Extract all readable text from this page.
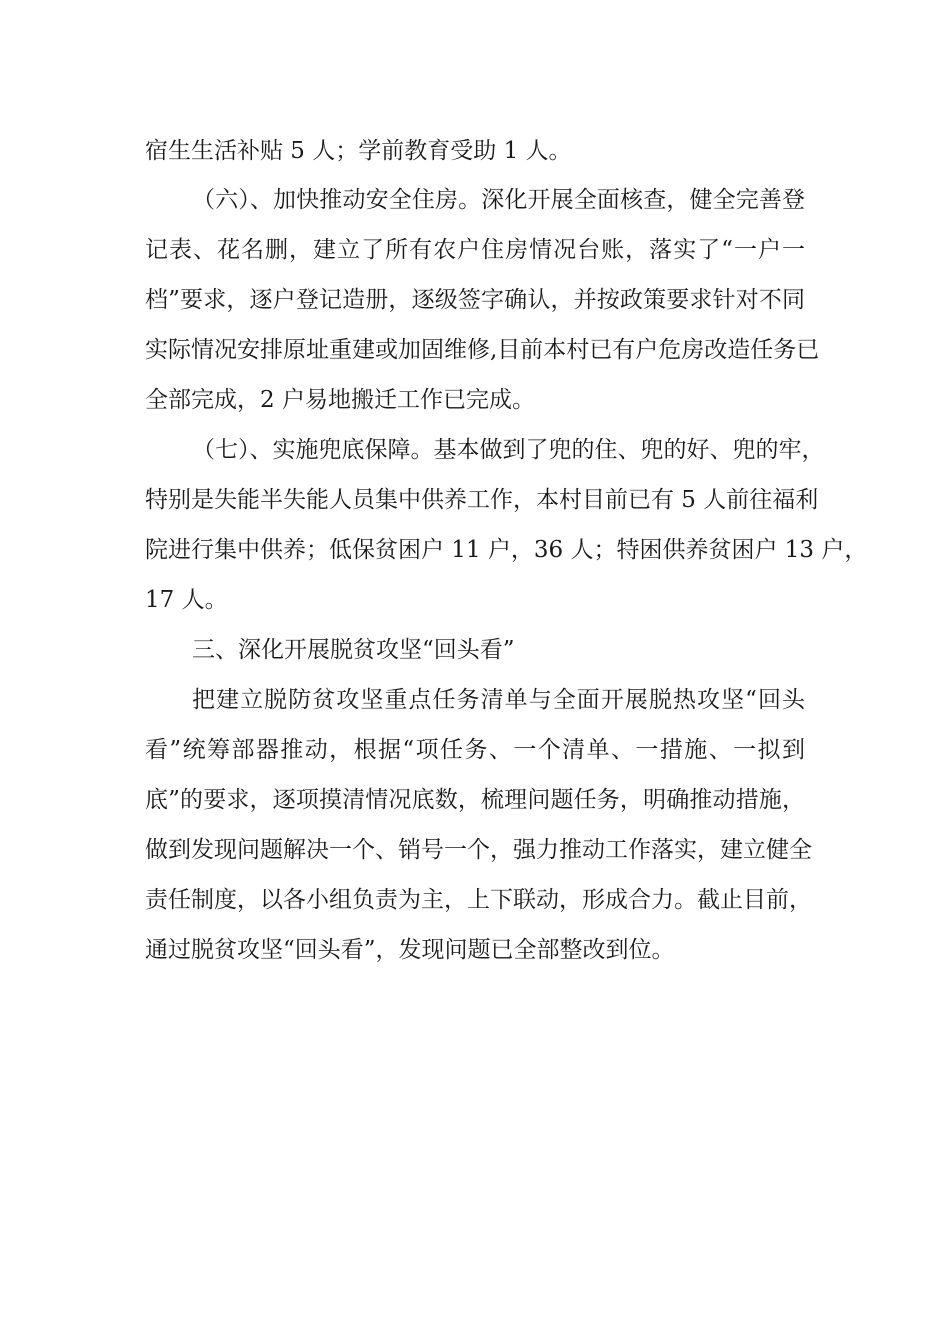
宿生生活补贴 5 人；学前教育受助 1 人。
（六）、加快推动安全住房。深化开展全面核查，健全完善登
记表、花名删，建立了所有农户住房情况台账，落实了“一户一
档”要求，逐户登记造册，逐级签字确认，并按政策要求针对不同
实际情况安排原址重建或加固维修,目前本村已有户危房改造任务已
全部完成，2 户易地搬迁工作已完成。
（七）、实施兜底保障。基本做到了兜的住、兜的好、兜的牢，
特别是失能半失能人员集中供养工作，本村目前已有 5 人前往福利
院进行集中供养；低保贫困户 11 户，36 人；特困供养贫困户 13 户，
17 人。
三、深化开展脱贫攻坚“回头看”
把建立脱防贫攻坚重点任务清单与全面开展脱热攻坚“回头
看”统筹部器推动，根据“项任务、一个清单、一措施、一拟到
底”的要求，逐项摸清情况底数，梳理问题任务，明确推动措施，
做到发现问题解决一个、销号一个，强力推动工作落实，建立健全
责任制度，以各小组负责为主，上下联动，形成合力。截止目前，
通过脱贫攻坚“回头看”，发现问题已全部整改到位。
